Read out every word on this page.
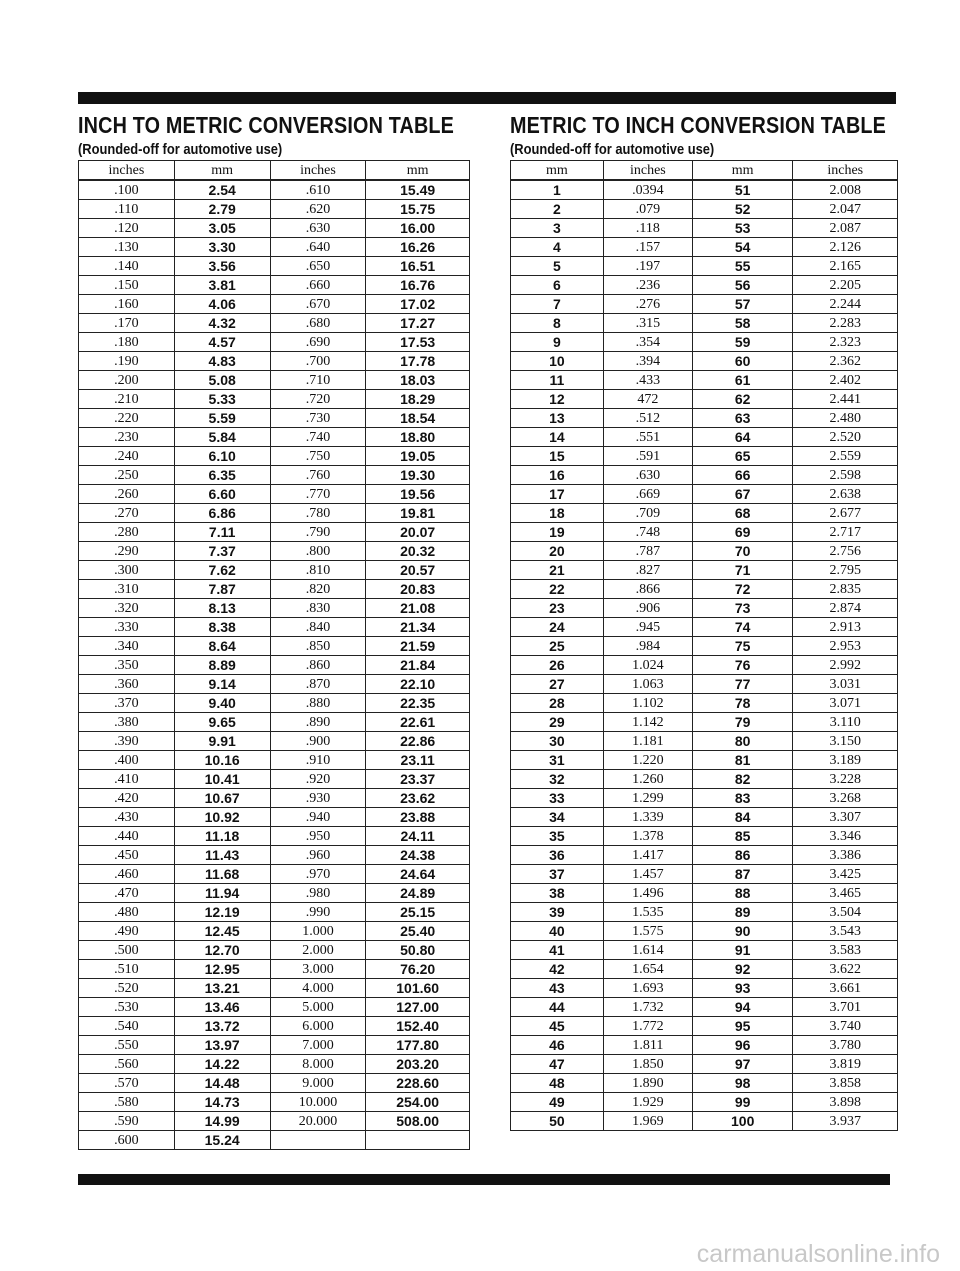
INCH TO METRIC CONVERSION TABLE

(Rounded-off for automotive use)

inches	mm	inches	mm
.100	2.54	.610	15.49
.110	2.79	.620	15.75
.120	3.05	.630	16.00
.130	3.30	.640	16.26
.140	3.56	.650	16.51
.150	3.81	.660	16.76
.160	4.06	.670	17.02
.170	4.32	.680	17.27
.180	4.57	.690	17.53
.190	4.83	.700	17.78
.200	5.08	.710	18.03
.210	5.33	.720	18.29
.220	5.59	.730	18.54
.230	5.84	.740	18.80
.240	6.10	.750	19.05
.250	6.35	.760	19.30
.260	6.60	.770	19.56
.270	6.86	.780	19.81
.280	7.11	.790	20.07
.290	7.37	.800	20.32
.300	7.62	.810	20.57
.310	7.87	.820	20.83
.320	8.13	.830	21.08
.330	8.38	.840	21.34
.340	8.64	.850	21.59
.350	8.89	.860	21.84
.360	9.14	.870	22.10
.370	9.40	.880	22.35
.380	9.65	.890	22.61
.390	9.91	.900	22.86
.400	10.16	.910	23.11
.410	10.41	.920	23.37
.420	10.67	.930	23.62
.430	10.92	.940	23.88
.440	11.18	.950	24.11
.450	11.43	.960	24.38
.460	11.68	.970	24.64
.470	11.94	.980	24.89
.480	12.19	.990	25.15
.490	12.45	1.000	25.40
.500	12.70	2.000	50.80
.510	12.95	3.000	76.20
.520	13.21	4.000	101.60
.530	13.46	5.000	127.00
.540	13.72	6.000	152.40
.550	13.97	7.000	177.80
.560	14.22	8.000	203.20
.570	14.48	9.000	228.60
.580	14.73	10.000	254.00
.590	14.99	20.000	508.00
.600	15.24		
METRIC TO INCH CONVERSION TABLE

(Rounded-off for automotive use)

mm	inches	mm	inches
1	.0394	51	2.008
2	.079	52	2.047
3	.118	53	2.087
4	.157	54	2.126
5	.197	55	2.165
6	.236	56	2.205
7	.276	57	2.244
8	.315	58	2.283
9	.354	59	2.323
10	.394	60	2.362
11	.433	61	2.402
12	472	62	2.441
13	.512	63	2.480
14	.551	64	2.520
15	.591	65	2.559
16	.630	66	2.598
17	.669	67	2.638
18	.709	68	2.677
19	.748	69	2.717
20	.787	70	2.756
21	.827	71	2.795
22	.866	72	2.835
23	.906	73	2.874
24	.945	74	2.913
25	.984	75	2.953
26	1.024	76	2.992
27	1.063	77	3.031
28	1.102	78	3.071
29	1.142	79	3.110
30	1.181	80	3.150
31	1.220	81	3.189
32	1.260	82	3.228
33	1.299	83	3.268
34	1.339	84	3.307
35	1.378	85	3.346
36	1.417	86	3.386
37	1.457	87	3.425
38	1.496	88	3.465
39	1.535	89	3.504
40	1.575	90	3.543
41	1.614	91	3.583
42	1.654	92	3.622
43	1.693	93	3.661
44	1.732	94	3.701
45	1.772	95	3.740
46	1.811	96	3.780
47	1.850	97	3.819
48	1.890	98	3.858
49	1.929	99	3.898
50	1.969	100	3.937
carmanualsonline.info
